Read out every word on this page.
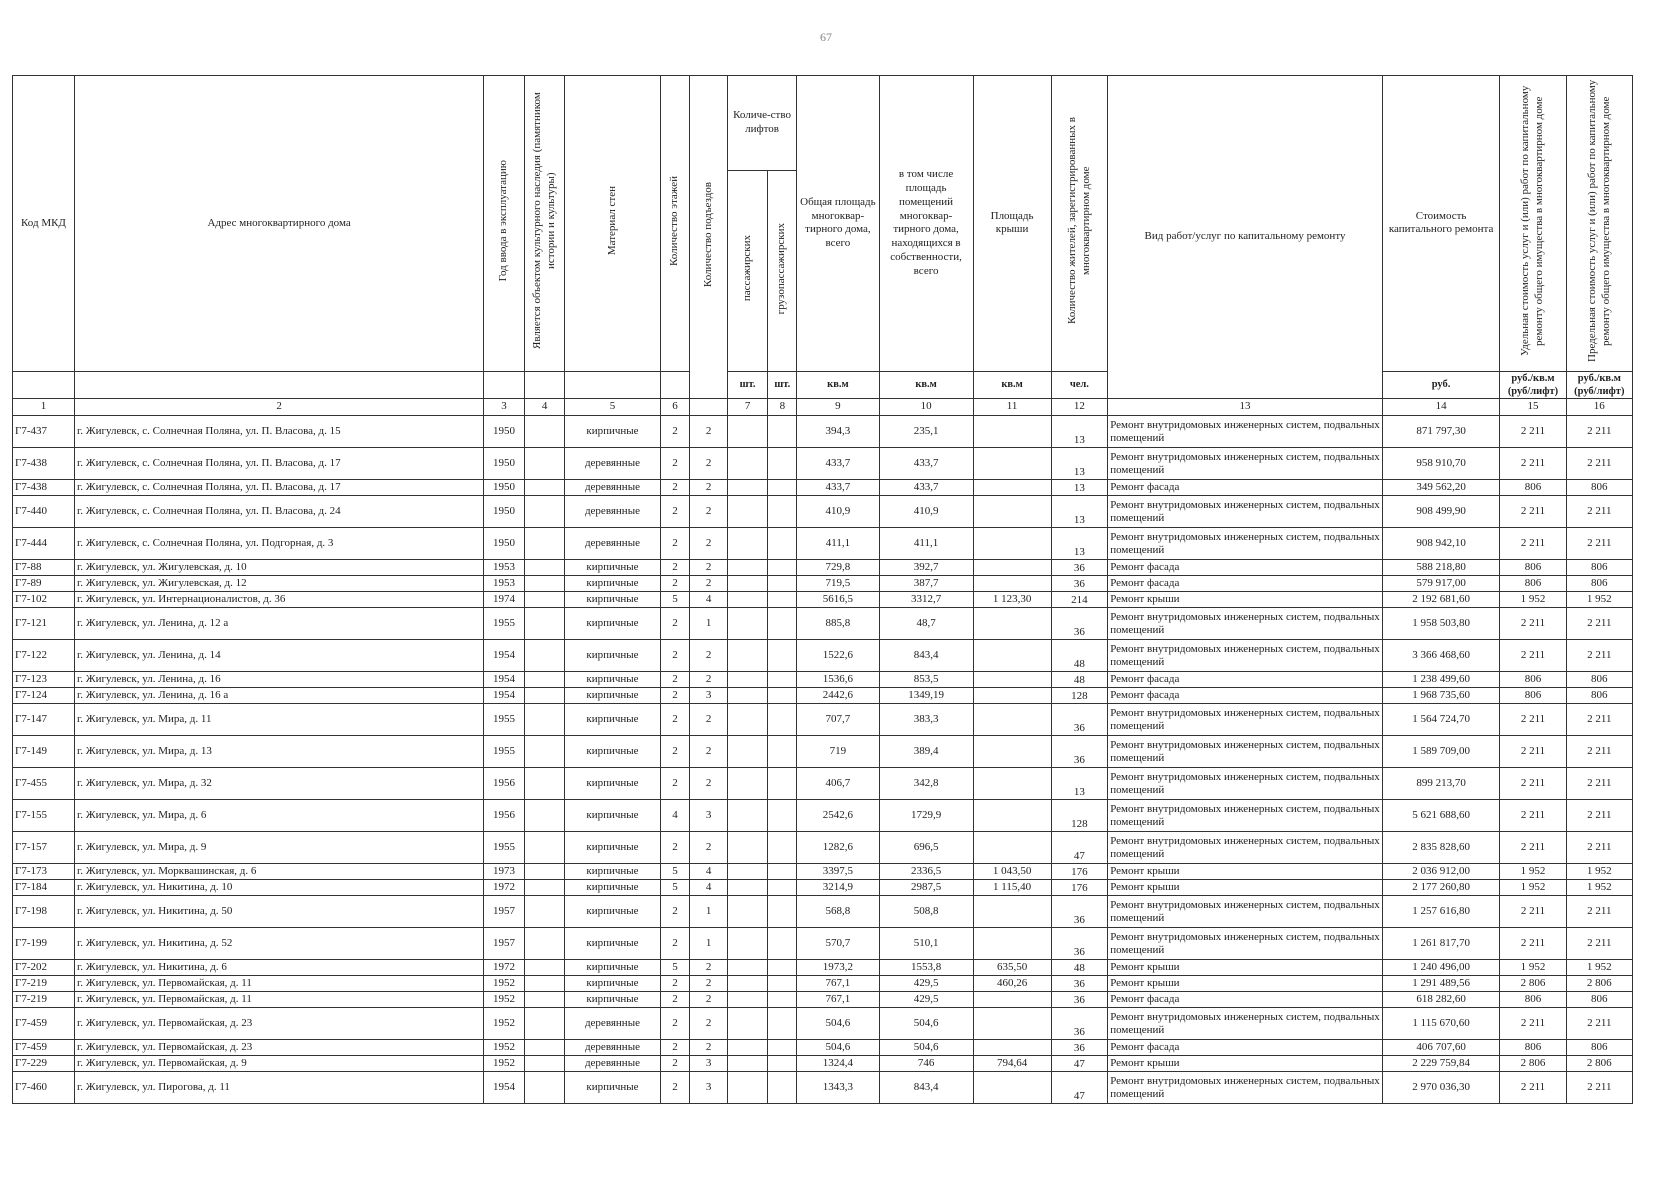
67
Код МКД	Адрес многоквартирного дома	Год ввода в эксплуатацию	Является объектом культурного наследия (памятником истории и культуры)	Материал стен	Количество этажей	Количество подъездов	Количе-ство лифтов		Общая площадь многоквар-тирного дома, всего	в том числе площадь помещений многоквар-тирного дома, находящихся в собственности, всего	Площадь крыши	Количество жителей, зарегистрированных в многоквартирном доме	Вид работ/услуг по капитальному ремонту	Стоимость капитального ремонта	Удельная стоимость услуг и (или) работ по капитальному ремонту общего имущества в многоквартирном доме	Предельная стоимость услуг и (или) работ по капитальному ремонту общего имущества в многоквартирном доме
							пассажирских	грузопассажирских								

							шт.	шт.	кв.м	кв.м	кв.м	чел.		руб.	руб./кв.м (руб/лифт)	руб./кв.м (руб/лифт)
1	2	3	4	5	6		7	8	9	10	11	12	13	14	15	16
Г7-437	г. Жигулевск, с. Солнечная Поляна, ул. П. Власова, д. 15	1950		кирпичные	2	2			394,3	235,1		13	Ремонт внутридомовых инженерных систем, подвальных помещений	871 797,30	2 211	2 211
Г7-438	г. Жигулевск, с. Солнечная Поляна, ул. П. Власова, д. 17	1950		деревянные	2	2			433,7	433,7		13	Ремонт внутридомовых инженерных систем, подвальных помещений	958 910,70	2 211	2 211
Г7-438	г. Жигулевск, с. Солнечная Поляна, ул. П. Власова, д. 17	1950		деревянные	2	2			433,7	433,7		13	Ремонт фасада	349 562,20	806	806
Г7-440	г. Жигулевск, с. Солнечная Поляна, ул. П. Власова, д. 24	1950		деревянные	2	2			410,9	410,9		13	Ремонт внутридомовых инженерных систем, подвальных помещений	908 499,90	2 211	2 211
Г7-444	г. Жигулевск, с. Солнечная Поляна, ул. Подгорная, д. 3	1950		деревянные	2	2			411,1	411,1		13	Ремонт внутридомовых инженерных систем, подвальных помещений	908 942,10	2 211	2 211
Г7-88	г. Жигулевск, ул. Жигулевская, д. 10	1953		кирпичные	2	2			729,8	392,7		36	Ремонт фасада	588 218,80	806	806
Г7-89	г. Жигулевск, ул. Жигулевская, д. 12	1953		кирпичные	2	2			719,5	387,7		36	Ремонт фасада	579 917,00	806	806
Г7-102	г. Жигулевск, ул. Интернационалистов, д. 36	1974		кирпичные	5	4			5616,5	3312,7	1 123,30	214	Ремонт крыши	2 192 681,60	1 952	1 952
Г7-121	г. Жигулевск, ул. Ленина, д. 12 а	1955		кирпичные	2	1			885,8	48,7		36	Ремонт внутридомовых инженерных систем, подвальных помещений	1 958 503,80	2 211	2 211
Г7-122	г. Жигулевск, ул. Ленина, д. 14	1954		кирпичные	2	2			1522,6	843,4		48	Ремонт внутридомовых инженерных систем, подвальных помещений	3 366 468,60	2 211	2 211
Г7-123	г. Жигулевск, ул. Ленина, д. 16	1954		кирпичные	2	2			1536,6	853,5		48	Ремонт фасада	1 238 499,60	806	806
Г7-124	г. Жигулевск, ул. Ленина, д. 16 а	1954		кирпичные	2	3			2442,6	1349,19		128	Ремонт фасада	1 968 735,60	806	806
Г7-147	г. Жигулевск, ул. Мира, д. 11	1955		кирпичные	2	2			707,7	383,3		36	Ремонт внутридомовых инженерных систем, подвальных помещений	1 564 724,70	2 211	2 211
Г7-149	г. Жигулевск, ул. Мира, д. 13	1955		кирпичные	2	2			719	389,4		36	Ремонт внутридомовых инженерных систем, подвальных помещений	1 589 709,00	2 211	2 211
Г7-455	г. Жигулевск, ул. Мира, д. 32	1956		кирпичные	2	2			406,7	342,8		13	Ремонт внутридомовых инженерных систем, подвальных помещений	899 213,70	2 211	2 211
Г7-155	г. Жигулевск, ул. Мира, д. 6	1956		кирпичные	4	3			2542,6	1729,9		128	Ремонт внутридомовых инженерных систем, подвальных помещений	5 621 688,60	2 211	2 211
Г7-157	г. Жигулевск, ул. Мира, д. 9	1955		кирпичные	2	2			1282,6	696,5		47	Ремонт внутридомовых инженерных систем, подвальных помещений	2 835 828,60	2 211	2 211
Г7-173	г. Жигулевск, ул. Морквашинская, д. 6	1973		кирпичные	5	4			3397,5	2336,5	1 043,50	176	Ремонт крыши	2 036 912,00	1 952	1 952
Г7-184	г. Жигулевск, ул. Никитина, д. 10	1972		кирпичные	5	4			3214,9	2987,5	1 115,40	176	Ремонт крыши	2 177 260,80	1 952	1 952
Г7-198	г. Жигулевск, ул. Никитина, д. 50	1957		кирпичные	2	1			568,8	508,8		36	Ремонт внутридомовых инженерных систем, подвальных помещений	1 257 616,80	2 211	2 211
Г7-199	г. Жигулевск, ул. Никитина, д. 52	1957		кирпичные	2	1			570,7	510,1		36	Ремонт внутридомовых инженерных систем, подвальных помещений	1 261 817,70	2 211	2 211
Г7-202	г. Жигулевск, ул. Никитина, д. 6	1972		кирпичные	5	2			1973,2	1553,8	635,50	48	Ремонт крыши	1 240 496,00	1 952	1 952
Г7-219	г. Жигулевск, ул. Первомайская, д. 11	1952		кирпичные	2	2			767,1	429,5	460,26	36	Ремонт крыши	1 291 489,56	2 806	2 806
Г7-219	г. Жигулевск, ул. Первомайская, д. 11	1952		кирпичные	2	2			767,1	429,5		36	Ремонт фасада	618 282,60	806	806
Г7-459	г. Жигулевск, ул. Первомайская, д. 23	1952		деревянные	2	2			504,6	504,6		36	Ремонт внутридомовых инженерных систем, подвальных помещений	1 115 670,60	2 211	2 211
Г7-459	г. Жигулевск, ул. Первомайская, д. 23	1952		деревянные	2	2			504,6	504,6		36	Ремонт фасада	406 707,60	806	806
Г7-229	г. Жигулевск, ул. Первомайская, д. 9	1952		деревянные	2	3			1324,4	746	794,64	47	Ремонт крыши	2 229 759,84	2 806	2 806
Г7-460	г. Жигулевск, ул. Пирогова, д. 11	1954		кирпичные	2	3			1343,3	843,4		47	Ремонт внутридомовых инженерных систем, подвальных помещений	2 970 036,30	2 211	2 211
